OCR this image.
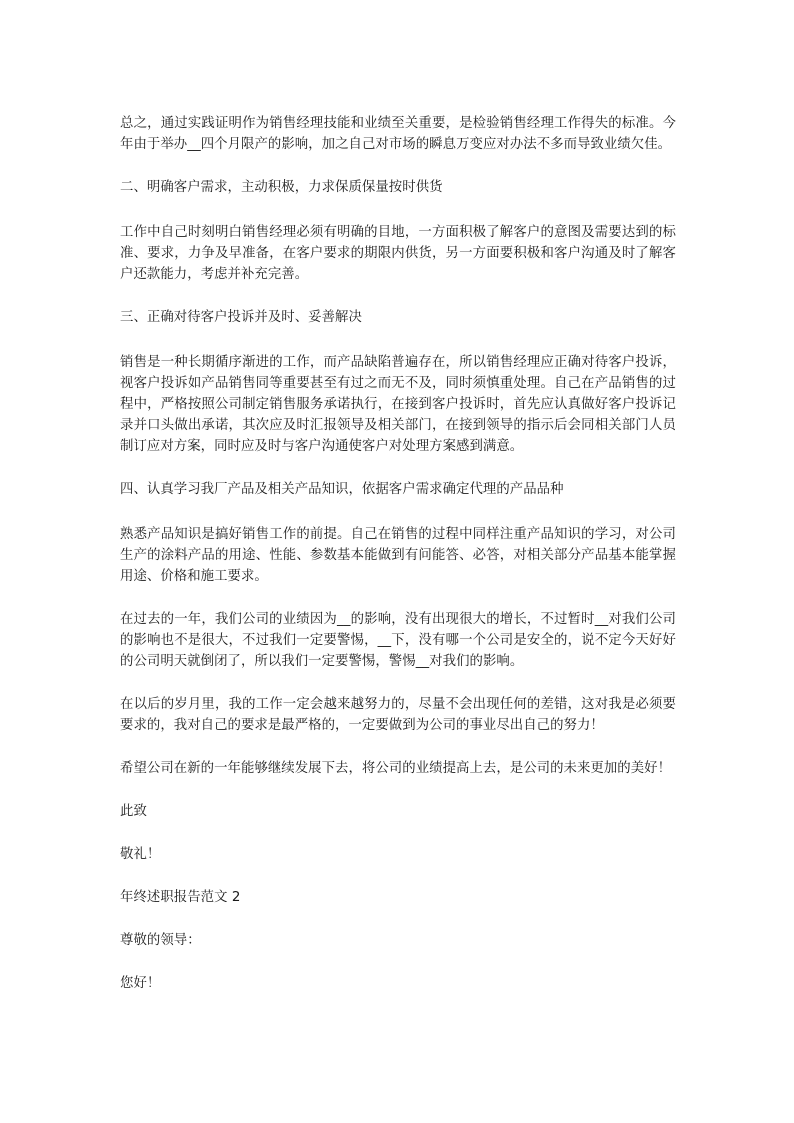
总之，通过实践证明作为销售经理技能和业绩至关重要，是检验销售经理工作得失的标准。今年由于举办__四个月限产的影响，加之自己对市场的瞬息万变应对办法不多而导致业绩欠佳。

二、明确客户需求，主动积极，力求保质保量按时供货

工作中自己时刻明白销售经理必须有明确的目地，一方面积极了解客户的意图及需要达到的标准、要求，力争及早准备，在客户要求的期限内供货，另一方面要积极和客户沟通及时了解客户还款能力，考虑并补充完善。

三、正确对待客户投诉并及时、妥善解决

销售是一种长期循序渐进的工作，而产品缺陷普遍存在，所以销售经理应正确对待客户投诉，视客户投诉如产品销售同等重要甚至有过之而无不及，同时须慎重处理。自己在产品销售的过程中，严格按照公司制定销售服务承诺执行，在接到客户投诉时，首先应认真做好客户投诉记录并口头做出承诺，其次应及时汇报领导及相关部门，在接到领导的指示后会同相关部门人员制订应对方案，同时应及时与客户沟通使客户对处理方案感到满意。

四、认真学习我厂产品及相关产品知识，依据客户需求确定代理的产品品种

熟悉产品知识是搞好销售工作的前提。自己在销售的过程中同样注重产品知识的学习，对公司生产的涂料产品的用途、性能、参数基本能做到有问能答、必答，对相关部分产品基本能掌握用途、价格和施工要求。

在过去的一年，我们公司的业绩因为__的影响，没有出现很大的增长，不过暂时__对我们公司的影响也不是很大，不过我们一定要警惕，__下，没有哪一个公司是安全的，说不定今天好好的公司明天就倒闭了，所以我们一定要警惕，警惕__对我们的影响。

在以后的岁月里，我的工作一定会越来越努力的，尽量不会出现任何的差错，这对我是必须要要求的，我对自己的要求是最严格的，一定要做到为公司的事业尽出自己的努力！

希望公司在新的一年能够继续发展下去，将公司的业绩提高上去，是公司的未来更加的美好！

此致

敬礼！

年终述职报告范文 2

尊敬的领导：

您好！
